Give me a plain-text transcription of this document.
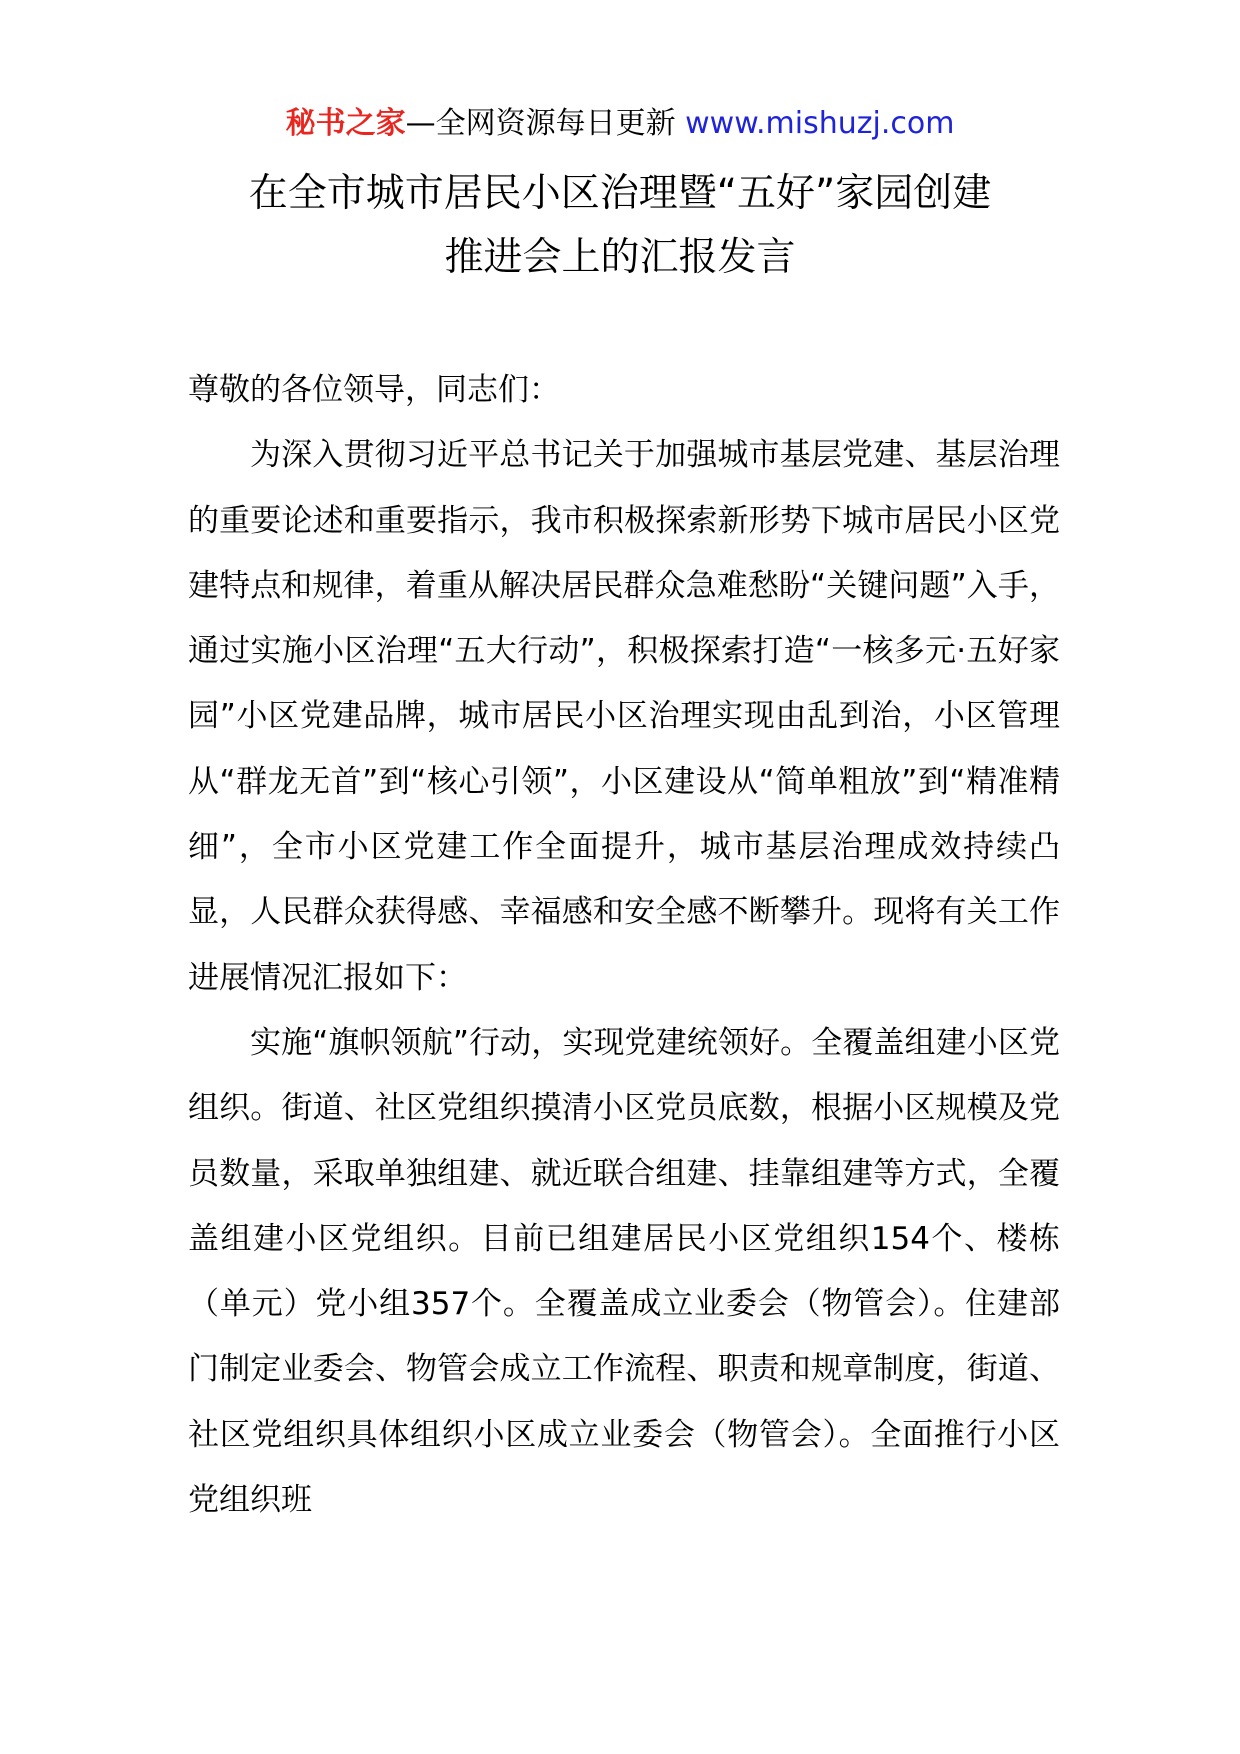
秘书之家—全网资源每日更新 www.mishuzj.com
在全市城市居民小区治理暨“五好”家园创建
推进会上的汇报发言

尊敬的各位领导，同志们：

为深入贯彻习近平总书记关于加强城市基层党建、基层治理的重要论述和重要指示，我市积极探索新形势下城市居民小区党建特点和规律，着重从解决居民群众急难愁盼“关键问题”入手，通过实施小区治理“五大行动”，积极探索打造“一核多元·五好家园”小区党建品牌，城市居民小区治理实现由乱到治，小区管理从“群龙无首”到“核心引领”，小区建设从“简单粗放”到“精准精细”，全市小区党建工作全面提升，城市基层治理成效持续凸显，人民群众获得感、幸福感和安全感不断攀升。现将有关工作进展情况汇报如下：

实施“旗帜领航”行动，实现党建统领好。全覆盖组建小区党组织。街道、社区党组织摸清小区党员底数，根据小区规模及党员数量，采取单独组建、就近联合组建、挂靠组建等方式，全覆盖组建小区党组织。目前已组建居民小区党组织154个、楼栋（单元）党小组357个。全覆盖成立业委会（物管会）。住建部门制定业委会、物管会成立工作流程、职责和规章制度，街道、社区党组织具体组织小区成立业委会（物管会）。全面推行小区党组织班
